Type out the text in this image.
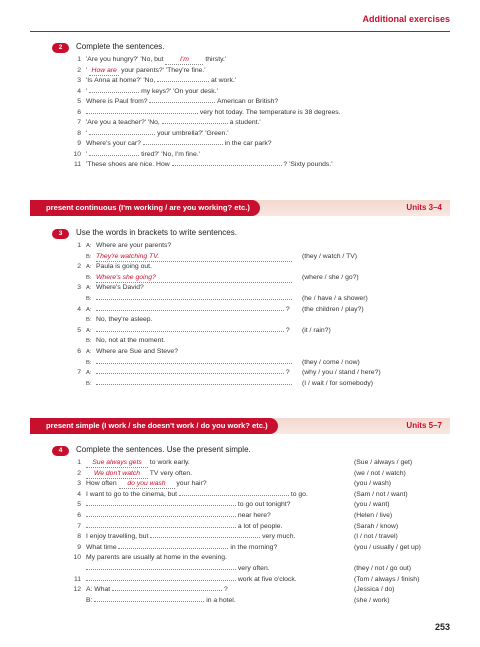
Additional exercises
2	Complete the sentences.
1 'Are you hungry?' 'No, but I'm thirsty.'
2 ' How are your parents?' 'They're fine.'
3 'Is Anna at home?' 'No,	at work.'
4 '	my keys?' 'On your desk.'
5 Where is Paul from?	American or British?
6	very hot today. The temperature is 38 degrees.
7 'Are you a teacher?' 'No,	a student.'
8 '	your umbrella?' 'Green.'
9 Where's your car?	in the car park?
10 '	tired?' 'No, I'm fine.'
11 'These shoes are nice. How	? 'Sixty pounds.'
present continuous (I'm working / are you working? etc.)	Units 3–4
3	Use the words in brackets to write sentences.
1 A: Where are your parents?
B: They're watching TV.	(they / watch / TV)
2 A: Paula is going out.
B: Where's she going?	(where / she / go?)
3 A: Where's David?
B:	(he / have / a shower)
4 A:	? (the children / play?)
B: No, they're asleep.
5 A:	? (it / rain?)
B: No, not at the moment.
6 A: Where are Sue and Steve?
B:	(they / come / now)
7 A:	? (why / you / stand / here?)
B:	(I / wait / for somebody)
present simple (I work / she doesn't work / do you work? etc.)	Units 5–7
4	Complete the sentences. Use the present simple.
1 Sue always gets to work early.	(Sue / always / get)
2 We don't watch TV very often.	(we / not / watch)
3 How often do you wash your hair?	(you / wash)
4 I want to go to the cinema, but	to go.	(Sam / not / want)
5	to go out tonight?	(you / want)
6	near here?	(Helen / live)
7	a lot of people.	(Sarah / know)
8 I enjoy travelling, but	very much.	(I / not / travel)
9 What time	in the morning?	(you / usually / get up)
10 My parents are usually at home in the evening.
very often.	(they / not / go out)
11	work at five o'clock.	(Tom / always / finish)
12 A: What	?	(Jessica / do)
B:	in a hotel.	(she / work)
253
